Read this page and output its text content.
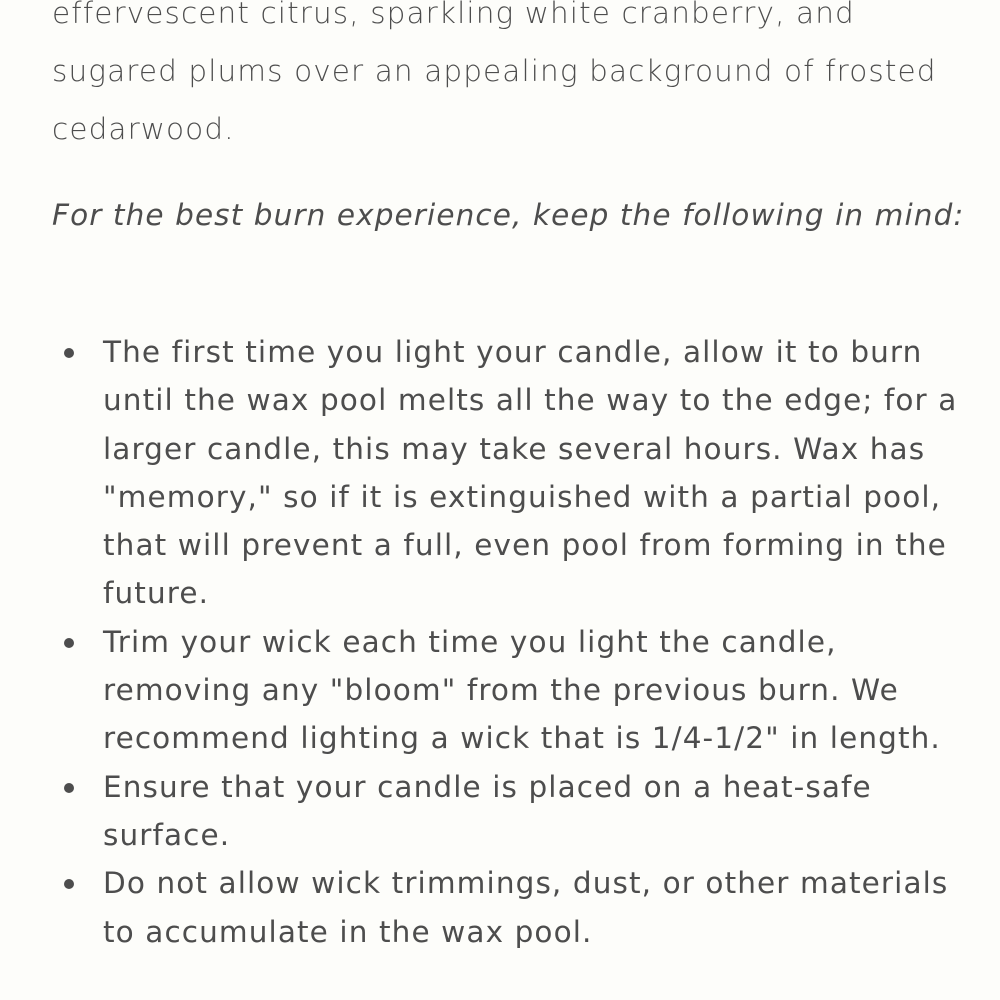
effervescent citrus, sparkling white cranberry, and sugared plums over an appealing background of frosted cedarwood.

For the best burn experience, keep the following in mind:

The first time you light your candle, allow it to burn until the wax pool melts all the way to the edge; for a larger candle, this may take several hours. Wax has "memory," so if it is extinguished with a partial pool, that will prevent a full, even pool from forming in the future.
Trim your wick each time you light the candle, removing any "bloom" from the previous burn. We recommend lighting a wick that is 1/4-1/2" in length.
Ensure that your candle is placed on a heat-safe surface.
Do not allow wick trimmings, dust, or other materials to accumulate in the wax pool.
